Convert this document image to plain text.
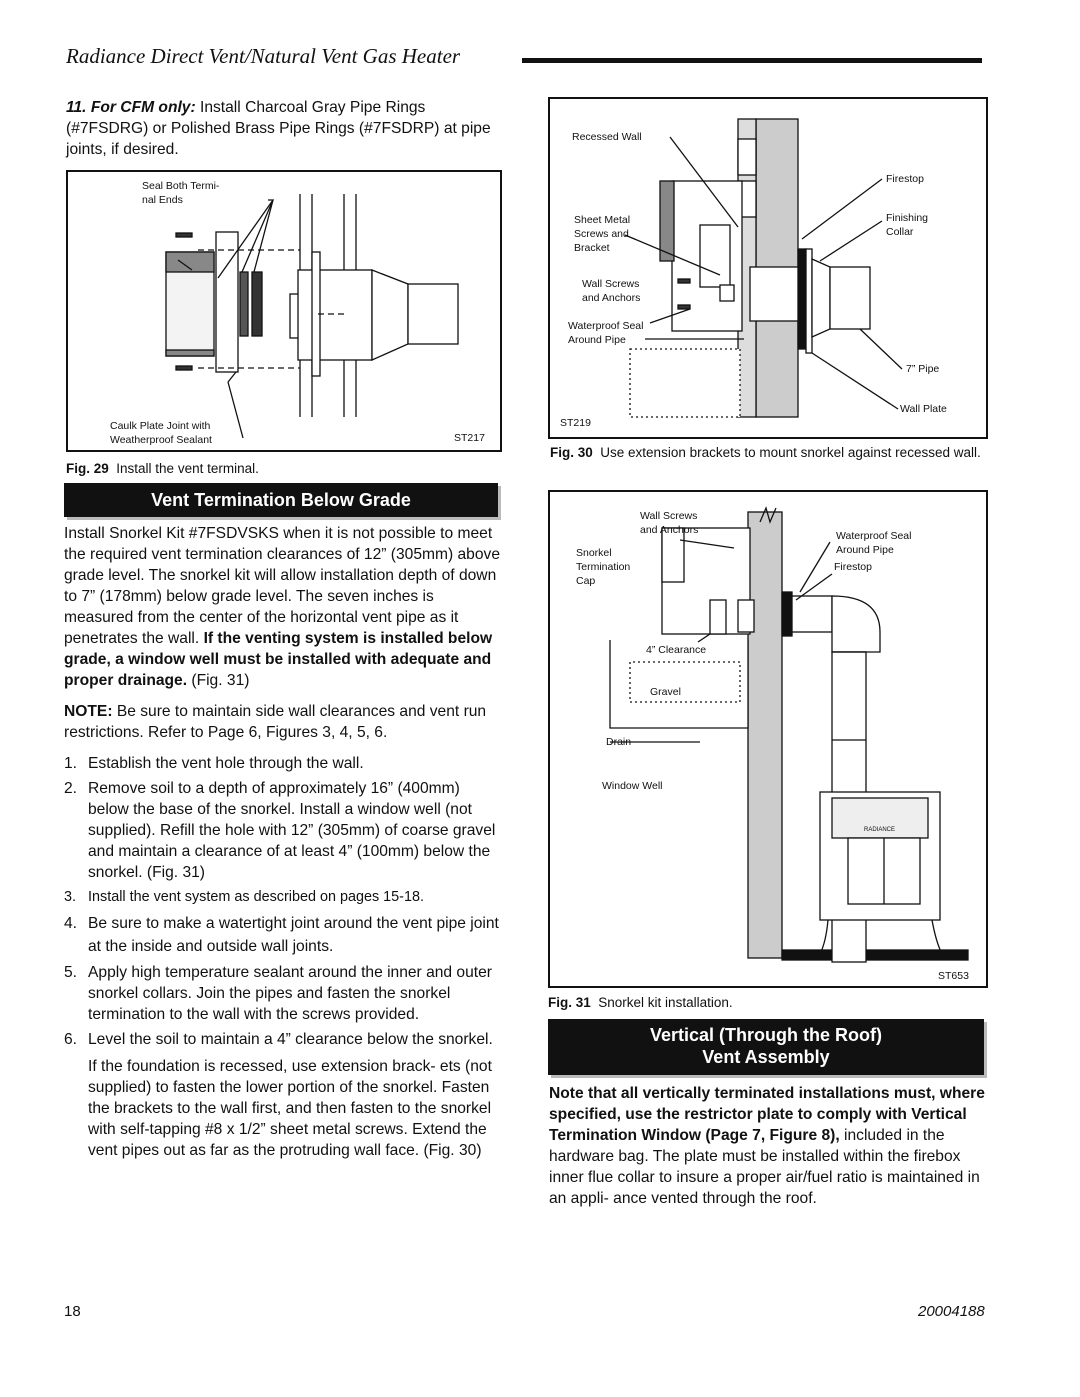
Radiance Direct Vent/Natural Vent Gas Heater

11. For CFM only: Install Charcoal Gray Pipe Rings (#7FSDRG) or Polished Brass Pipe Rings (#7FSDRP) at pipe joints, if desired.

Seal Both Termi-
nal Ends
Caulk Plate Joint with
Weatherproof Sealant	ST217
Fig. 29 Install the vent terminal.
Vent Termination Below Grade

Install Snorkel Kit #7FSDVSKS when it is not possible to meet the required vent termination clearances of 12” (305mm) above grade level. The snorkel kit will allow installation depth of down to 7” (178mm) below grade level. The seven inches is measured from the center of the horizontal vent pipe as it penetrates the wall. If the venting system is installed below grade, a window well must be installed with adequate and proper drainage. (Fig. 31)

NOTE: Be sure to maintain side wall clearances and vent run restrictions. Refer to Page 6, Figures 3, 4, 5, 6.

1. Establish the vent hole through the wall.
2. Remove soil to a depth of approximately 16” (400mm) below the base of the snorkel. Install a window well (not supplied). Refill the hole with 12” (305mm) of coarse gravel and maintain a clearance of at least 4” (100mm) below the snorkel. (Fig. 31)
3. Install the vent system as described on pages 15-18.
4. Be sure to make a watertight joint around the vent pipe joint at the inside and outside wall joints.
5. Apply high temperature sealant around the inner and outer snorkel collars. Join the pipes and fasten the snorkel termination to the wall with the screws provided.
6. Level the soil to maintain a 4” clearance below the snorkel.

If the foundation is recessed, use extension brack- ets (not supplied) to fasten the lower portion of the snorkel. Fasten the brackets to the wall first, and then fasten to the snorkel with self-tapping #8 x 1/2” sheet metal screws. Extend the vent pipes out as far as the protruding wall face. (Fig. 30)

Recessed Wall
Sheet Metal
Screws and
Bracket
Wall Screws
and Anchors
Waterproof Seal
Around Pipe
Firestop
Finishing
Collar
7” Pipe
Wall Plate
ST219
Fig. 30 Use extension brackets to mount snorkel against recessed wall.
Wall Screws
and Anchors
Snorkel
Termination
Cap
Waterproof Seal
Around Pipe
Firestop
4” Clearance
Gravel
Drain
Window Well
RADIANCE
ST653
Fig. 31 Snorkel kit installation.
Vertical (Through the Roof)
Vent Assembly

Note that all vertically terminated installations must, where specified, use the restrictor plate to comply with Vertical Termination Window (Page 7, Figure 8), included in the hardware bag. The plate must be installed within the firebox inner flue collar to insure a proper air/fuel ratio is maintained in an appli- ance vented through the roof.

18	20004188
